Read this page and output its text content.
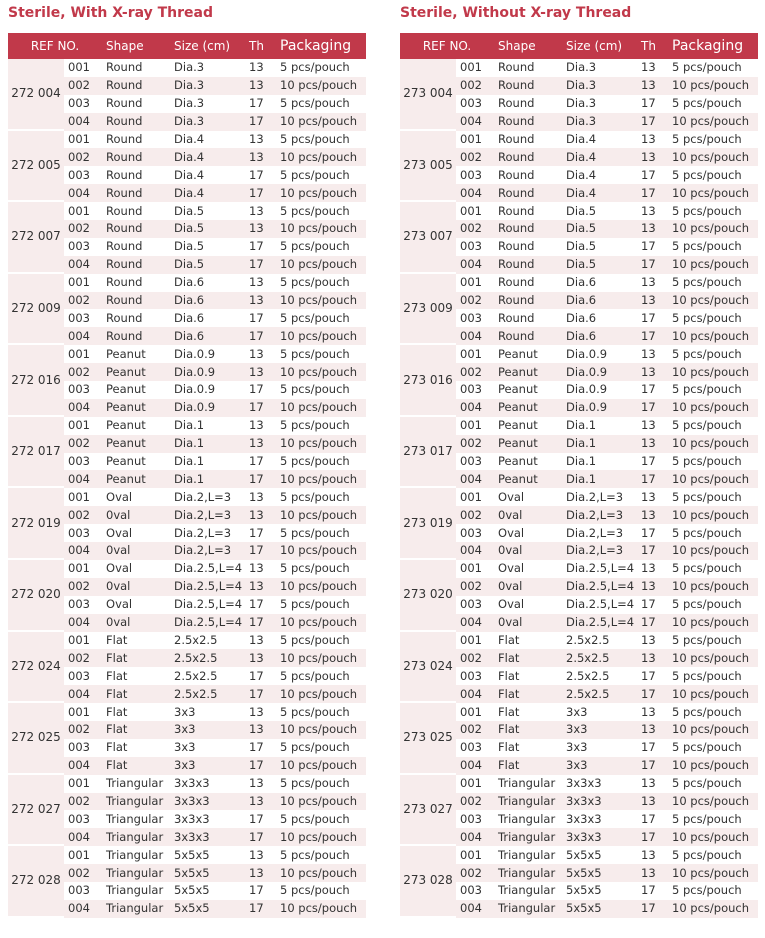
Sterile, With X-ray Thread
REF NO.		Shape	Size (cm)	Th	Packaging
272 004	001	Round	Dia.3	13	5 pcs/pouch
	002	Round	Dia.3	13	10 pcs/pouch
	003	Round	Dia.3	17	5 pcs/pouch
	004	Round	Dia.3	17	10 pcs/pouch
272 005	001	Round	Dia.4	13	5 pcs/pouch
	002	Round	Dia.4	13	10 pcs/pouch
	003	Round	Dia.4	17	5 pcs/pouch
	004	Round	Dia.4	17	10 pcs/pouch
272 007	001	Round	Dia.5	13	5 pcs/pouch
	002	Round	Dia.5	13	10 pcs/pouch
	003	Round	Dia.5	17	5 pcs/pouch
	004	Round	Dia.5	17	10 pcs/pouch
272 009	001	Round	Dia.6	13	5 pcs/pouch
	002	Round	Dia.6	13	10 pcs/pouch
	003	Round	Dia.6	17	5 pcs/pouch
	004	Round	Dia.6	17	10 pcs/pouch
272 016	001	Peanut	Dia.0.9	13	5 pcs/pouch
	002	Peanut	Dia.0.9	13	10 pcs/pouch
	003	Peanut	Dia.0.9	17	5 pcs/pouch
	004	Peanut	Dia.0.9	17	10 pcs/pouch
272 017	001	Peanut	Dia.1	13	5 pcs/pouch
	002	Peanut	Dia.1	13	10 pcs/pouch
	003	Peanut	Dia.1	17	5 pcs/pouch
	004	Peanut	Dia.1	17	10 pcs/pouch
272 019	001	Oval	Dia.2,L=3	13	5 pcs/pouch
	002	0val	Dia.2,L=3	13	10 pcs/pouch
	003	Oval	Dia.2,L=3	17	5 pcs/pouch
	004	0val	Dia.2,L=3	17	10 pcs/pouch
272 020	001	Oval	Dia.2.5,L=4	13	5 pcs/pouch
	002	0val	Dia.2.5,L=4	13	10 pcs/pouch
	003	Oval	Dia.2.5,L=4	17	5 pcs/pouch
	004	0val	Dia.2.5,L=4	17	10 pcs/pouch
272 024	001	Flat	2.5x2.5	13	5 pcs/pouch
	002	Flat	2.5x2.5	13	10 pcs/pouch
	003	Flat	2.5x2.5	17	5 pcs/pouch
	004	Flat	2.5x2.5	17	10 pcs/pouch
272 025	001	Flat	3x3	13	5 pcs/pouch
	002	Flat	3x3	13	10 pcs/pouch
	003	Flat	3x3	17	5 pcs/pouch
	004	Flat	3x3	17	10 pcs/pouch
272 027	001	Triangular	3x3x3	13	5 pcs/pouch
	002	Triangular	3x3x3	13	10 pcs/pouch
	003	Triangular	3x3x3	17	5 pcs/pouch
	004	Triangular	3x3x3	17	10 pcs/pouch
272 028	001	Triangular	5x5x5	13	5 pcs/pouch
	002	Triangular	5x5x5	13	10 pcs/pouch
	003	Triangular	5x5x5	17	5 pcs/pouch
	004	Triangular	5x5x5	17	10 pcs/pouch
Sterile, Without X-ray Thread
REF NO.		Shape	Size (cm)	Th	Packaging
273 004	001	Round	Dia.3	13	5 pcs/pouch
	002	Round	Dia.3	13	10 pcs/pouch
	003	Round	Dia.3	17	5 pcs/pouch
	004	Round	Dia.3	17	10 pcs/pouch
273 005	001	Round	Dia.4	13	5 pcs/pouch
	002	Round	Dia.4	13	10 pcs/pouch
	003	Round	Dia.4	17	5 pcs/pouch
	004	Round	Dia.4	17	10 pcs/pouch
273 007	001	Round	Dia.5	13	5 pcs/pouch
	002	Round	Dia.5	13	10 pcs/pouch
	003	Round	Dia.5	17	5 pcs/pouch
	004	Round	Dia.5	17	10 pcs/pouch
273 009	001	Round	Dia.6	13	5 pcs/pouch
	002	Round	Dia.6	13	10 pcs/pouch
	003	Round	Dia.6	17	5 pcs/pouch
	004	Round	Dia.6	17	10 pcs/pouch
273 016	001	Peanut	Dia.0.9	13	5 pcs/pouch
	002	Peanut	Dia.0.9	13	10 pcs/pouch
	003	Peanut	Dia.0.9	17	5 pcs/pouch
	004	Peanut	Dia.0.9	17	10 pcs/pouch
273 017	001	Peanut	Dia.1	13	5 pcs/pouch
	002	Peanut	Dia.1	13	10 pcs/pouch
	003	Peanut	Dia.1	17	5 pcs/pouch
	004	Peanut	Dia.1	17	10 pcs/pouch
273 019	001	Oval	Dia.2,L=3	13	5 pcs/pouch
	002	0val	Dia.2,L=3	13	10 pcs/pouch
	003	Oval	Dia.2,L=3	17	5 pcs/pouch
	004	0val	Dia.2,L=3	17	10 pcs/pouch
273 020	001	Oval	Dia.2.5,L=4	13	5 pcs/pouch
	002	0val	Dia.2.5,L=4	13	10 pcs/pouch
	003	Oval	Dia.2.5,L=4	17	5 pcs/pouch
	004	0val	Dia.2.5,L=4	17	10 pcs/pouch
273 024	001	Flat	2.5x2.5	13	5 pcs/pouch
	002	Flat	2.5x2.5	13	10 pcs/pouch
	003	Flat	2.5x2.5	17	5 pcs/pouch
	004	Flat	2.5x2.5	17	10 pcs/pouch
273 025	001	Flat	3x3	13	5 pcs/pouch
	002	Flat	3x3	13	10 pcs/pouch
	003	Flat	3x3	17	5 pcs/pouch
	004	Flat	3x3	17	10 pcs/pouch
273 027	001	Triangular	3x3x3	13	5 pcs/pouch
	002	Triangular	3x3x3	13	10 pcs/pouch
	003	Triangular	3x3x3	17	5 pcs/pouch
	004	Triangular	3x3x3	17	10 pcs/pouch
273 028	001	Triangular	5x5x5	13	5 pcs/pouch
	002	Triangular	5x5x5	13	10 pcs/pouch
	003	Triangular	5x5x5	17	5 pcs/pouch
	004	Triangular	5x5x5	17	10 pcs/pouch
